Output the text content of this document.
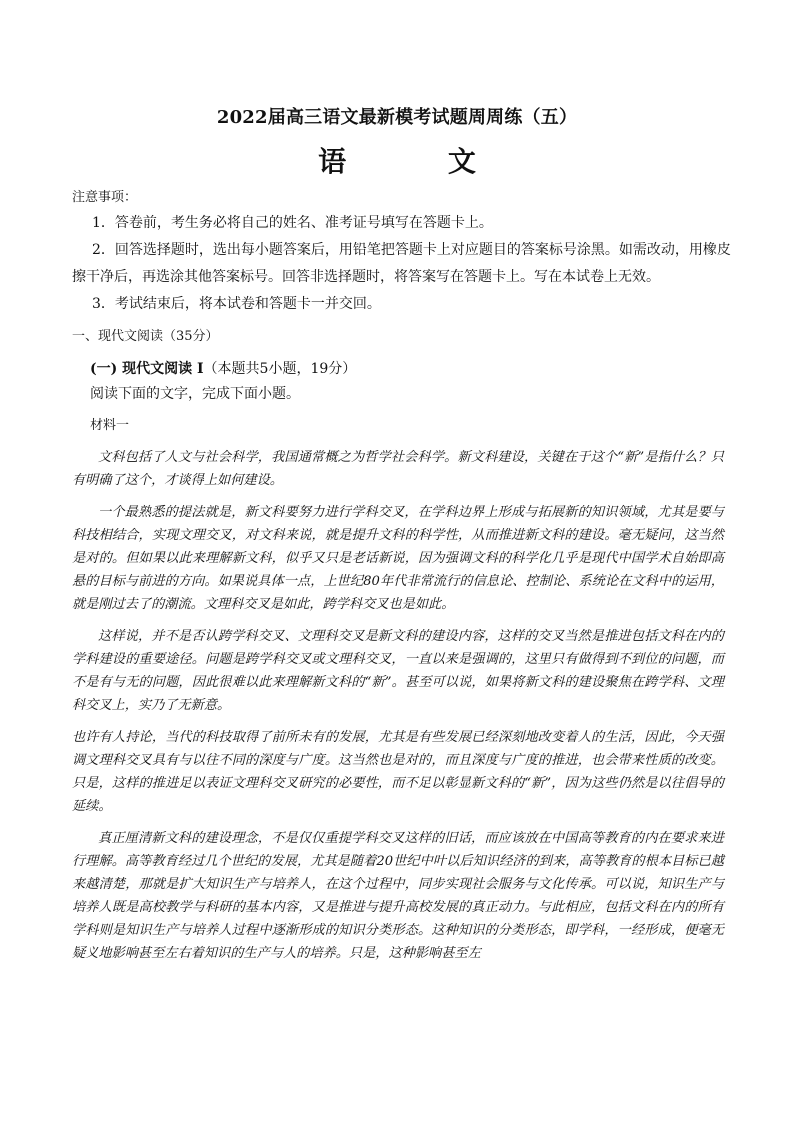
2022届高三语文最新模考试题周周练（五）
语 文
注意事项：
1．答卷前，考生务必将自己的姓名、准考证号填写在答题卡上。
2．回答选择题时，选出每小题答案后，用铅笔把答题卡上对应题目的答案标号涂黑。如需改动，用橡皮擦干净后，再选涂其他答案标号。回答非选择题时，将答案写在答题卡上。写在本试卷上无效。
3．考试结束后，将本试卷和答题卡一并交回。
一、现代文阅读（35分）
(一) 现代文阅读 I（本题共5小题，19分）
阅读下面的文字，完成下面小题。
材料一

文科包括了人文与社会科学，我国通常概之为哲学社会科学。新文科建设，关键在于这个“新”是指什么？只有明确了这个，才谈得上如何建设。

一个最熟悉的提法就是，新文科要努力进行学科交叉，在学科边界上形成与拓展新的知识领域，尤其是要与科技相结合，实现文理交叉，对文科来说，就是提升文科的科学性，从而推进新文科的建设。毫无疑问，这当然是对的。但如果以此来理解新文科，似乎又只是老话新说，因为强调文科的科学化几乎是现代中国学术自始即高悬的目标与前进的方向。如果说具体一点，上世纪80年代非常流行的信息论、控制论、系统论在文科中的运用，就是刚过去了的潮流。文理科交叉是如此，跨学科交叉也是如此。

这样说，并不是否认跨学科交叉、文理科交叉是新文科的建设内容，这样的交叉当然是推进包括文科在内的学科建设的重要途径。问题是跨学科交叉或文理科交叉，一直以来是强调的，这里只有做得到不到位的问题，而不是有与无的问题，因此很难以此来理解新文科的“新”。甚至可以说，如果将新文科的建设聚焦在跨学科、文理科交叉上，实乃了无新意。

也许有人持论，当代的科技取得了前所未有的发展，尤其是有些发展已经深刻地改变着人的生活，因此，今天强调文理科交叉具有与以往不同的深度与广度。这当然也是对的，而且深度与广度的推进，也会带来性质的改变。只是，这样的推进足以表证文理科交叉研究的必要性，而不足以彰显新文科的“新”，因为这些仍然是以往倡导的延续。

真正厘清新文科的建设理念，不是仅仅重提学科交叉这样的旧话，而应该放在中国高等教育的内在要求来进行理解。高等教育经过几个世纪的发展，尤其是随着20世纪中叶以后知识经济的到来，高等教育的根本目标已越来越清楚，那就是扩大知识生产与培养人，在这个过程中，同步实现社会服务与文化传承。可以说，知识生产与培养人既是高校教学与科研的基本内容，又是推进与提升高校发展的真正动力。与此相应，包括文科在内的所有学科则是知识生产与培养人过程中逐渐形成的知识分类形态。这种知识的分类形态，即学科，一经形成，便毫无疑义地影响甚至左右着知识的生产与人的培养。只是，这种影响甚至左
